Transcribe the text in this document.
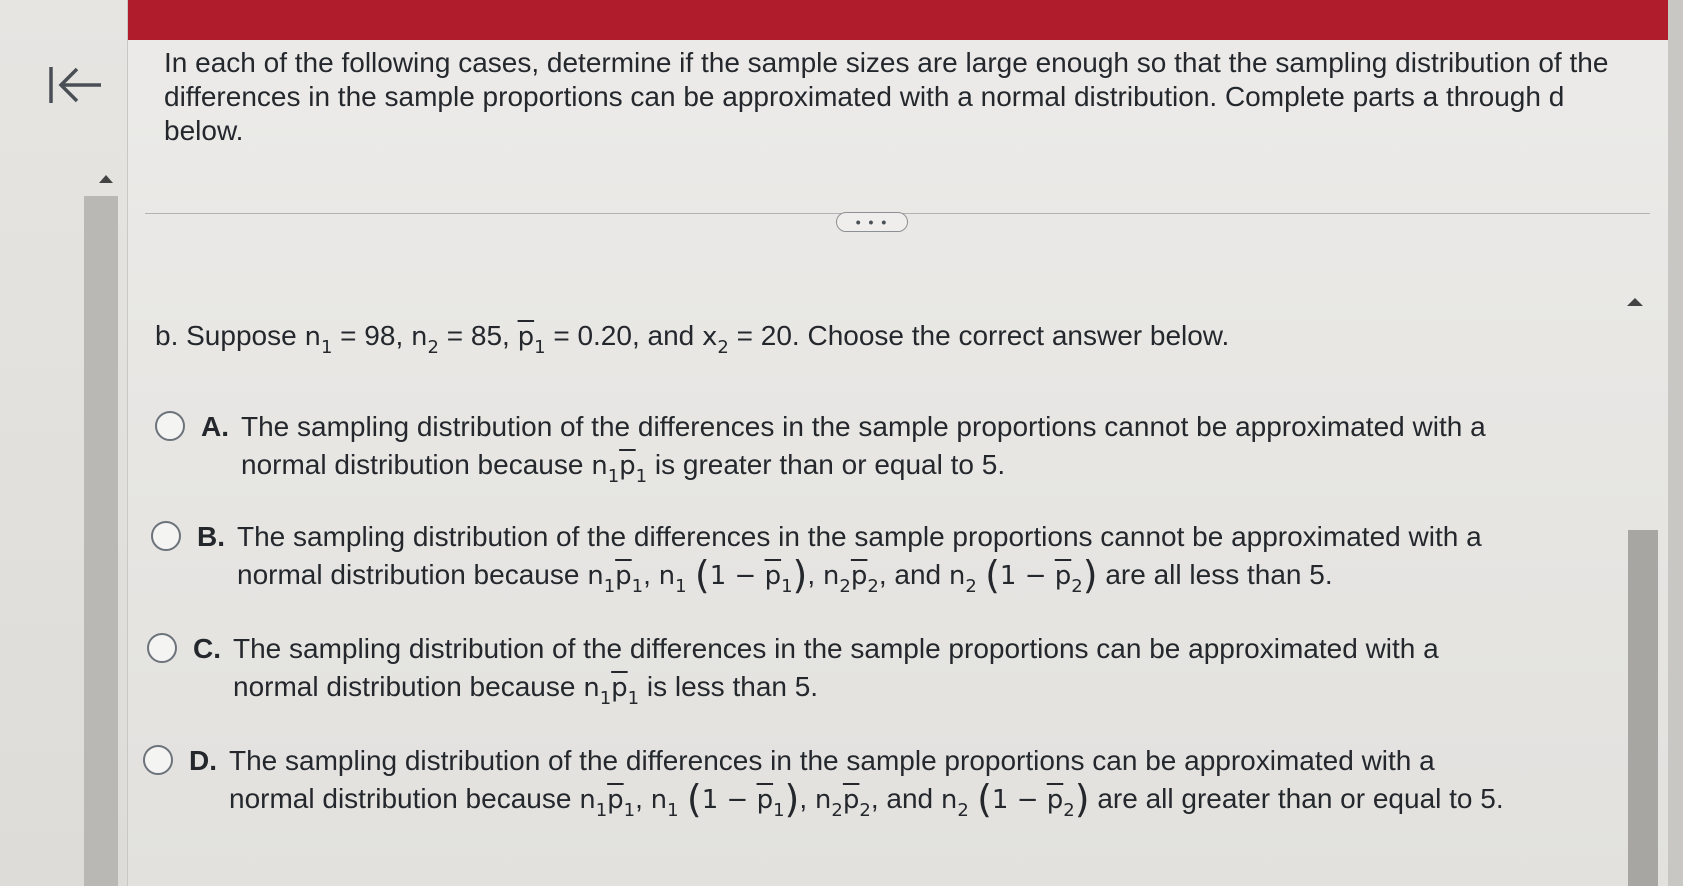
In each of the following cases, determine if the sample sizes are large enough so that the sampling distribution of the differences in the sample proportions can be approximated with a normal distribution. Complete parts a through d below.
• • •
b. Suppose $n_1 = 98$, $n_2 = 85$, $\overline{p}_1 = 0.20$, and $x_2 = 20$. Choose the correct answer below.
A. The sampling distribution of the differences in the sample proportions cannot be approximated with a normal distribution because $n_1\overline{p}_1$ is greater than or equal to 5.
B. The sampling distribution of the differences in the sample proportions cannot be approximated with a normal distribution because $n_1\overline{p}_1$, $n_1$ $(1 - \overline{p}_1)$, $n_2\overline{p}_2$, and $n_2$ $(1 - \overline{p}_2)$ are all less than 5.
C. The sampling distribution of the differences in the sample proportions can be approximated with a normal distribution because $n_1\overline{p}_1$ is less than 5.
D. The sampling distribution of the differences in the sample proportions can be approximated with a normal distribution because $n_1\overline{p}_1$, $n_1$ $(1 - \overline{p}_1)$, $n_2\overline{p}_2$, and $n_2$ $(1 - \overline{p}_2)$ are all greater than or equal to 5.
